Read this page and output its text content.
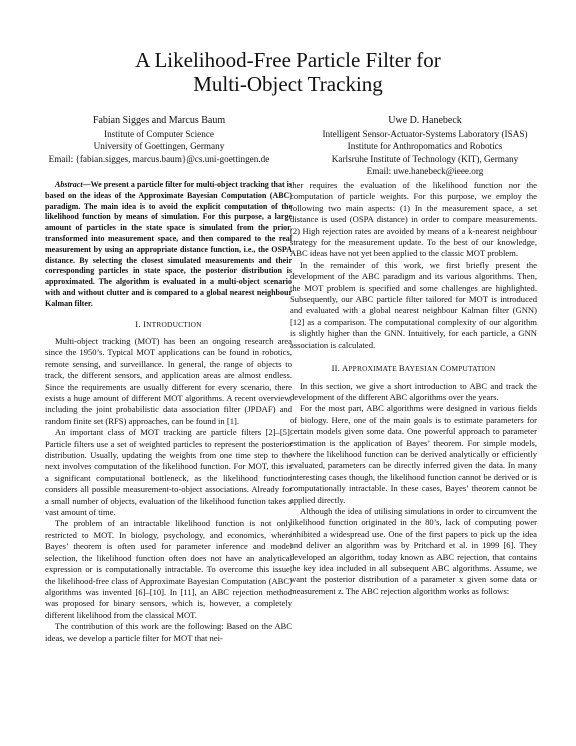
A Likelihood-Free Particle Filter for
Multi-Object Tracking
Fabian Sigges and Marcus Baum
Institute of Computer Science
University of Goettingen, Germany
Email: {fabian.sigges, marcus.baum}@cs.uni-goettingen.de
Uwe D. Hanebeck
Intelligent Sensor-Actuator-Systems Laboratory (ISAS)
Institute for Anthropomatics and Robotics
Karlsruhe Institute of Technology (KIT), Germany
Email: uwe.hanebeck@ieee.org

Abstract—We present a particle filter for multi-object tracking that is based on the ideas of the Approximate Bayesian Computation (ABC) paradigm. The main idea is to avoid the explicit computation of the likelihood function by means of simulation. For this purpose, a large amount of particles in the state space is simulated from the prior, transformed into measurement space, and then compared to the real measurement by using an appropriate distance function, i.e., the OSPA distance. By selecting the closest simulated measurements and their corresponding particles in state space, the posterior distribution is approximated. The algorithm is evaluated in a multi-object scenario with and without clutter and is compared to a global nearest neighbour Kalman filter.

I. INTRODUCTION

Multi-object tracking (MOT) has been an ongoing research area since the 1950’s. Typical MOT applications can be found in robotics, remote sensing, and surveillance. In general, the range of objects to track, the different sensors, and application areas are almost endless. Since the requirements are usually different for every scenario, there exists a huge amount of different MOT algorithms. A recent overview, including the joint probabilistic data association filter (JPDAF) and random finite set (RFS) approaches, can be found in [1].

An important class of MOT tracking are particle filters [2]–[5]. Particle filters use a set of weighted particles to represent the posterior distribution. Usually, updating the weights from one time step to the next involves computation of the likelihood function. For MOT, this is a significant computational bottleneck, as the likelihood function considers all possible measurement-to-object associations. Already for a small number of objects, evaluation of the likelihood function takes a vast amount of time.

The problem of an intractable likelihood function is not only restricted to MOT. In biology, psychology, and economics, where Bayes’ theorem is often used for parameter inference and model selection, the likelihood function often does not have an analytical expression or is computationally intractable. To overcome this issue, the likelihood-free class of Approximate Bayesian Computation (ABC) algorithms was invented [6]–[10]. In [11], an ABC rejection method was proposed for binary sensors, which is, however, a completely different likelihood from the classical MOT.

The contribution of this work are the following: Based on the ABC ideas, we develop a particle filter for MOT that nei-

ther requires the evaluation of the likelihood function nor the computation of particle weights. For this purpose, we employ the following two main aspects: (1) In the measurement space, a set distance is used (OSPA distance) in order to compare measurements. (2) High rejection rates are avoided by means of a k-nearest neighbour strategy for the measurement update. To the best of our knowledge, ABC ideas have not yet been applied to the classic MOT problem.

In the remainder of this work, we first briefly present the development of the ABC paradigm and its various algorithms. Then, the MOT problem is specified and some challenges are highlighted. Subsequently, our ABC particle filter tailored for MOT is introduced and evaluated with a global nearest neighbour Kalman filter (GNN) [12] as a comparison. The computational complexity of our algorithm is slightly higher than the GNN. Intuitively, for each particle, a GNN association is calculated.

II. APPROXIMATE BAYESIAN COMPUTATION

In this section, we give a short introduction to ABC and track the development of the different ABC algorithms over the years.

For the most part, ABC algorithms were designed in various fields of biology. Here, one of the main goals is to estimate parameters for certain models given some data. One powerful approach to parameter estimation is the application of Bayes’ theorem. For simple models, where the likelihood function can be derived analytically or efficiently evaluated, parameters can be directly inferred given the data. In many interesting cases though, the likelihood function cannot be derived or is computationally intractable. In these cases, Bayes’ theorem cannot be applied directly.

Although the idea of utilising simulations in order to circumvent the likelihood function originated in the 80’s, lack of computing power inhibited a widespread use. One of the first papers to pick up the idea and deliver an algorithm was by Pritchard et al. in 1999 [6]. They developed an algorithm, today known as ABC rejection, that contains the key idea included in all subsequent ABC algorithms. Assume, we want the posterior distribution of a parameter x given some data or measurement z. The ABC rejection algorithm works as follows:
